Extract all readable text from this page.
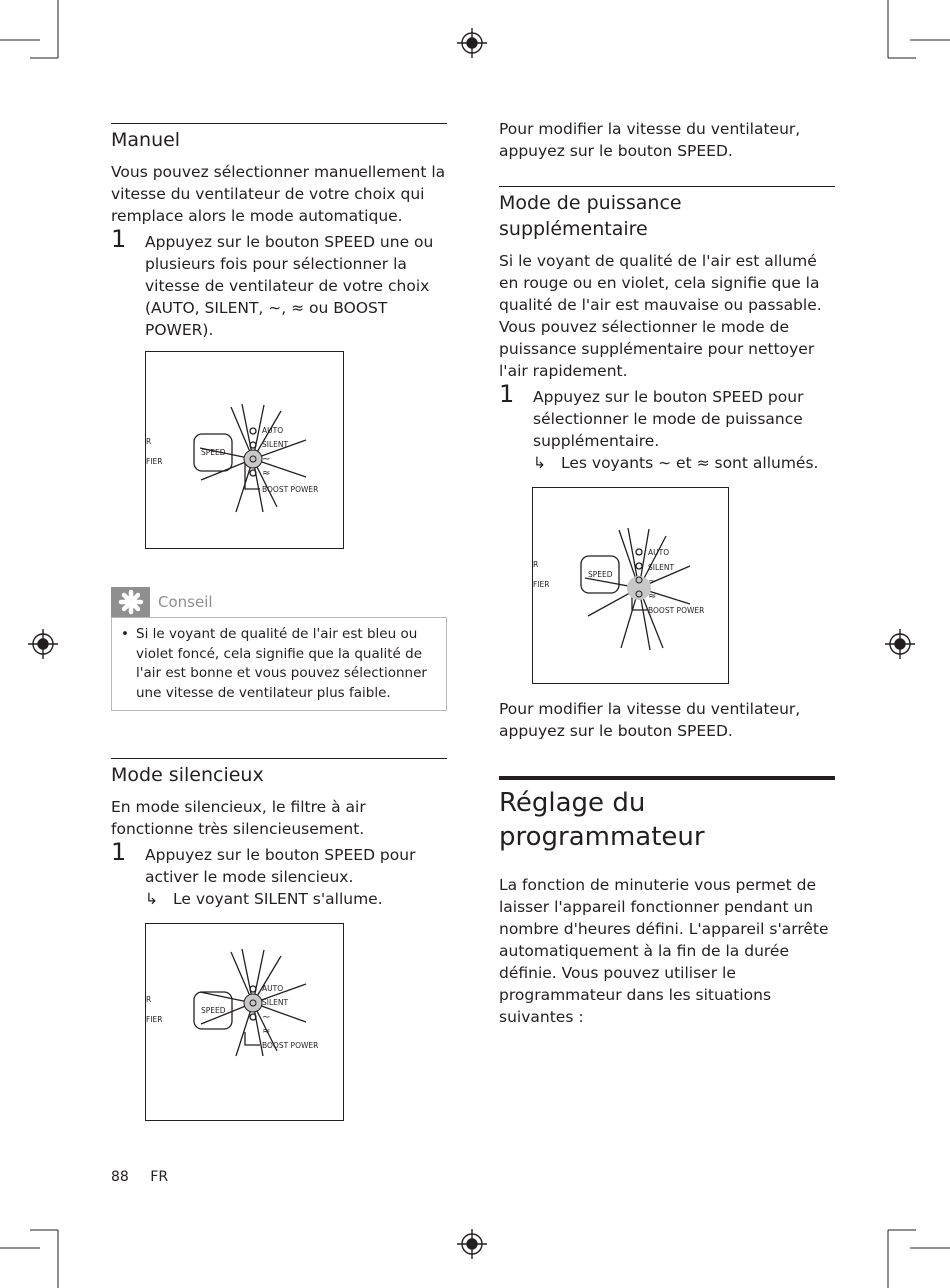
Manuel

Vous pouvez sélectionner manuellement la vitesse du ventilateur de votre choix qui remplace alors le mode automatique.

1 Appuyez sur le bouton SPEED une ou plusieurs fois pour sélectionner la vitesse de ventilateur de votre choix (AUTO, SILENT, ∼, ≈ ou BOOST POWER).
SPEED
AUTO
SILENT
∼
≈
BOOST POWER
R
FIER
Conseil
• Si le voyant de qualité de l'air est bleu ou violet foncé, cela signifie que la qualité de l'air est bonne et vous pouvez sélectionner une vitesse de ventilateur plus faible.
Mode silencieux

En mode silencieux, le filtre à air fonctionne très silencieusement.

1 Appuyez sur le bouton SPEED pour activer le mode silencieux.
↳ Le voyant SILENT s'allume.
SPEED
AUTO
SILENT
∼
≈
BOOST POWER
R
FIER

Pour modifier la vitesse du ventilateur, appuyez sur le bouton SPEED.

Mode de puissance supplémentaire

Si le voyant de qualité de l'air est allumé en rouge ou en violet, cela signifie que la qualité de l'air est mauvaise ou passable. Vous pouvez sélectionner le mode de puissance supplémentaire pour nettoyer l'air rapidement.

1 Appuyez sur le bouton SPEED pour sélectionner le mode de puissance supplémentaire.
↳ Les voyants ∼ et ≈ sont allumés.
SPEED
AUTO
SILENT
∼
≈
BOOST POWER
R
FIER

Pour modifier la vitesse du ventilateur, appuyez sur le bouton SPEED.

Réglage du programmateur

La fonction de minuterie vous permet de laisser l'appareil fonctionner pendant un nombre d'heures défini. L'appareil s'arrête automatiquement à la fin de la durée définie. Vous pouvez utiliser le programmateur dans les situations suivantes :

88 FR
